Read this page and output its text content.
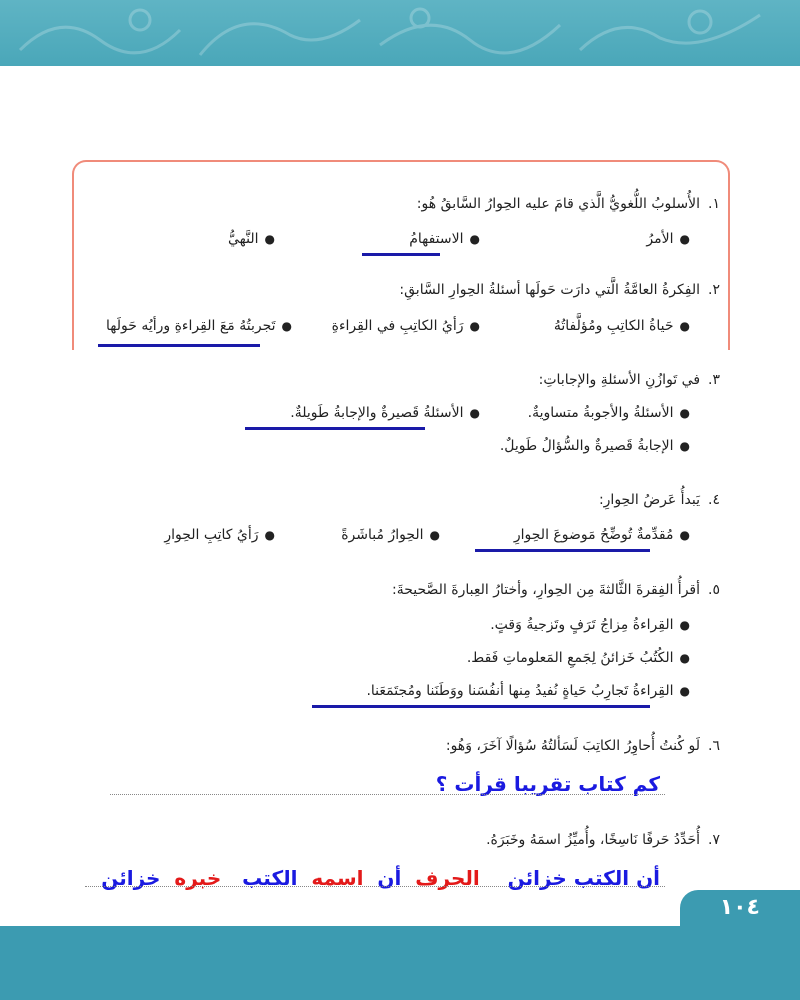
١.الأُسلوبُ اللُّغويُّ الَّذي قامَ عليه الحِوارُ السَّابقُ هُو:
●الأمرُ
●الاستفهامُ
●النَّهيُّ
٢.الفِكرةُ العامَّةُ الَّتي دارَت حَولَها أسئلةُ الحِوارِ السَّابقِ:
●حَياةُ الكاتِبِ ومُؤلَّفاتُهُ
●رَأيُ الكاتِبِ في القِراءةِ
●تَجربتُهُ مَعَ القِراءةِ ورأيُه حَولَها
٣.في تَوازُنِ الأسئلةِ والإجاباتِ:
●الأسئلةُ والأجوبةُ متساويةٌ.
●الأسئلةُ قَصيرةٌ والإجابةُ طَويلةٌ.
●الإجابةُ قَصيرةٌ والسُّؤالُ طَويلٌ.
٤.يَبدأُ عَرضُ الحِوارِ:
●مُقدِّمةٌ تُوضِّحُ مَوضوعَ الحِوارِ
●الحِوارُ مُباشَرةً
●رَأيُ كاتِبِ الحِوارِ
٥.أقرأُ الفِقرةَ الثَّالثةَ مِن الحِوارِ، وأختارُ العِبارةَ الصَّحيحةَ:
●القِراءةُ مِزاجُ تَرَفٍ وتَزجيةُ وَقتٍ.
●الكُتُبُ خَزائنُ لِجَمعِ المَعلوماتِ فَقط.
●القِراءةُ تَجارِبُ حَياةٍ نُفيدُ مِنها أنفُسَنا ووَطَنَنا ومُجتَمَعَنا.
٦.لَو كُنتُ أُحاوِرُ الكاتِبَ لَسَألتُهُ سُؤالًا آخَرَ، وَهُو:
كم كتاب تقريبا قرأت ؟
٧.أُحَدِّدُ حَرفًا نَاسِخًا، وأُميِّزُ اسمَهُ وخَبَرَهُ.
أن الكتب خزائن    الحرف  أن  اسمه  الكتب   خبره  خزائن
١٠٤
